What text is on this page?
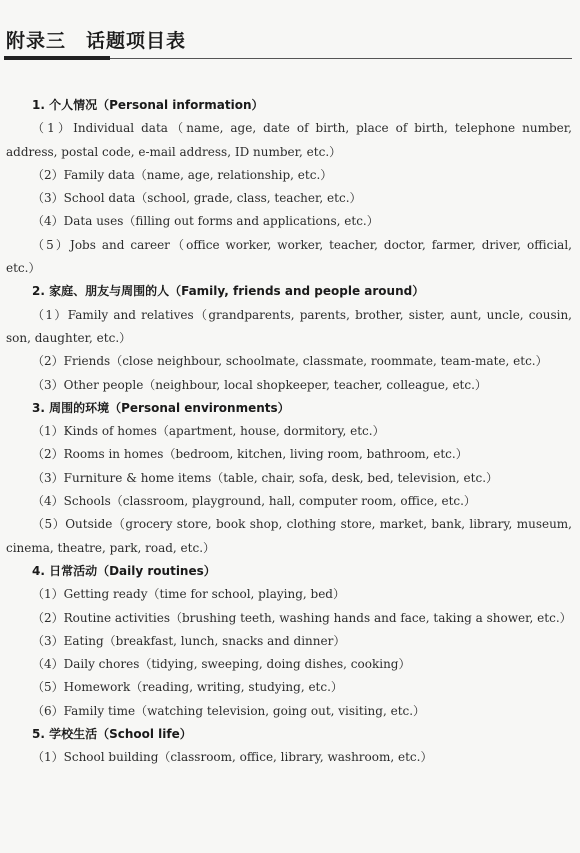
附录三　话题项目表
1. 个人情况（Personal information）
（1）Individual data（name, age, date of birth, place of birth, telephone number, address, postal code, e-mail address, ID number, etc.）
（2）Family data（name, age, relationship, etc.）
（3）School data（school, grade, class, teacher, etc.）
（4）Data uses（filling out forms and applications, etc.）
（5）Jobs and career（office worker, worker, teacher, doctor, farmer, driver, official, etc.）
2. 家庭、朋友与周围的人（Family, friends and people around）
（1）Family and relatives（grandparents, parents, brother, sister, aunt, uncle, cousin, son, daughter, etc.）
（2）Friends（close neighbour, schoolmate, classmate, roommate, team-mate, etc.）
（3）Other people（neighbour, local shopkeeper, teacher, colleague, etc.）
3. 周围的环境（Personal environments）
（1）Kinds of homes（apartment, house, dormitory, etc.）
（2）Rooms in homes（bedroom, kitchen, living room, bathroom, etc.）
（3）Furniture & home items（table, chair, sofa, desk, bed, television, etc.）
（4）Schools（classroom, playground, hall, computer room, office, etc.）
（5）Outside（grocery store, book shop, clothing store, market, bank, library, museum, cinema, theatre, park, road, etc.）
4. 日常活动（Daily routines）
（1）Getting ready（time for school, playing, bed）
（2）Routine activities（brushing teeth, washing hands and face, taking a shower, etc.）
（3）Eating（breakfast, lunch, snacks and dinner）
（4）Daily chores（tidying, sweeping, doing dishes, cooking）
（5）Homework（reading, writing, studying, etc.）
（6）Family time（watching television, going out, visiting, etc.）
5. 学校生活（School life）
（1）School building（classroom, office, library, washroom, etc.）
